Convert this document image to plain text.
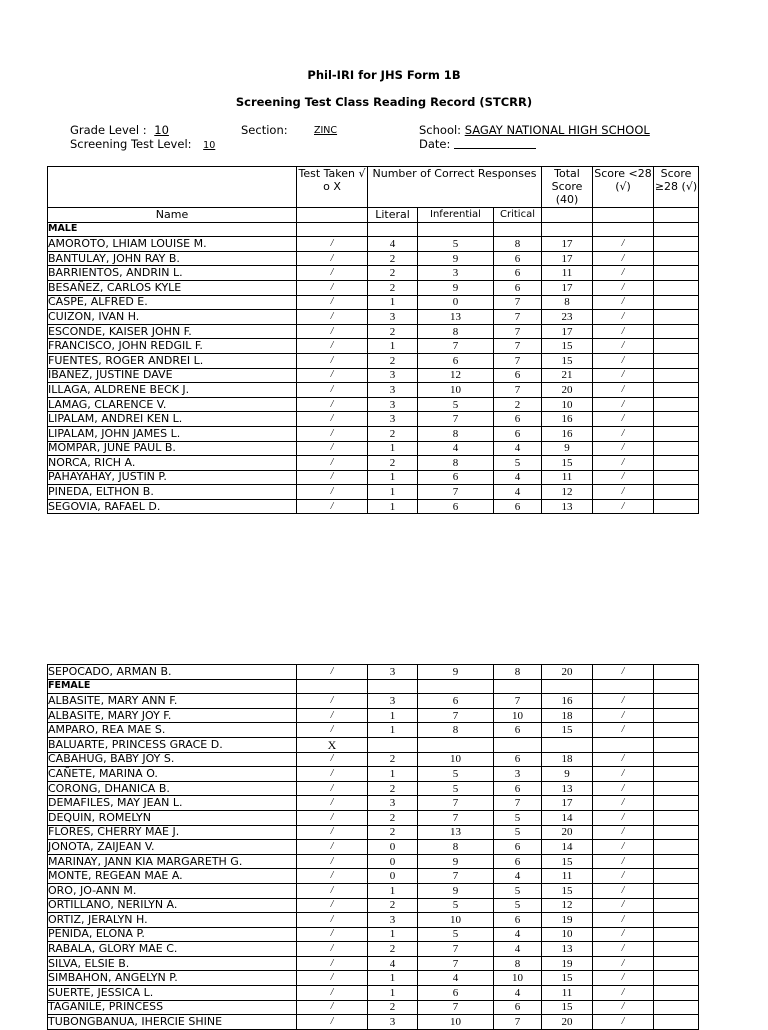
Phil-IRI for JHS Form 1B
Screening Test Class Reading Record (STCRR)
Grade Level : 10	Section:	ZINC	School: SAGAY NATIONAL HIGH SCHOOL
Screening Test Level: 10	Date:
	Test Taken √ o X	Number of Correct Responses			Total Score (40)	Score <28 (√)	Score ≥28 (√)
Name		Literal	Inferential	Critical			
MALE							
AMOROTO, LHIAM LOUISE M.	/	4	5	8	17	/	
BANTULAY, JOHN RAY B.	/	2	9	6	17	/	
BARRIENTOS, ANDRIN L.	/	2	3	6	11	/	
BESAÑEZ, CARLOS KYLE	/	2	9	6	17	/	
CASPE, ALFRED E.	/	1	0	7	8	/	
CUIZON, IVAN H.	/	3	13	7	23	/	
ESCONDE, KAISER JOHN F.	/	2	8	7	17	/	
FRANCISCO, JOHN REDGIL F.	/	1	7	7	15	/	
FUENTES, ROGER ANDREI L.	/	2	6	7	15	/	
IBAÑEZ, JUSTINE DAVE	/	3	12	6	21	/	
ILLAGA, ALDRENE BECK J.	/	3	10	7	20	/	
LAMAG, CLARENCE V.	/	3	5	2	10	/	
LIPALAM, ANDREI KEN L.	/	3	7	6	16	/	
LIPALAM, JOHN JAMES L.	/	2	8	6	16	/	
MOMPAR, JUNE PAUL B.	/	1	4	4	9	/	
NORCA, RICH A.	/	2	8	5	15	/	
PAHAYAHAY, JUSTIN P.	/	1	6	4	11	/	
PINEDA, ELTHON B.	/	1	7	4	12	/	
SEGOVIA, RAFAEL D.	/	1	6	6	13	/	
SEPOCADO, ARMAN B.	/	3	9	8	20	/	
FEMALE							
ALBASITE, MARY ANN F.	/	3	6	7	16	/	
ALBASITE, MARY JOY F.	/	1	7	10	18	/	
AMPARO, REA MAE S.	/	1	8	6	15	/	
BALUARTE, PRINCESS GRACE D.	X						
CABAHUG, BABY JOY S.	/	2	10	6	18	/	
CAÑETE, MARINA O.	/	1	5	3	9	/	
CORONG, DHANICA B.	/	2	5	6	13	/	
DEMAFILES, MAY JEAN L.	/	3	7	7	17	/	
DEQUIN, ROMELYN	/	2	7	5	14	/	
FLORES, CHERRY MAE J.	/	2	13	5	20	/	
JONOTA, ZAIJEAN V.	/	0	8	6	14	/	
MARINAY, JANN KIA MARGARETH G.	/	0	9	6	15	/	
MONTE, REGEAN MAE A.	/	0	7	4	11	/	
ORO, JO-ANN M.	/	1	9	5	15	/	
ORTILLANO, NERILYN A.	/	2	5	5	12	/	
ORTIZ, JERALYN H.	/	3	10	6	19	/	
PENIDA, ELONA P.	/	1	5	4	10	/	
RABALA, GLORY MAE C.	/	2	7	4	13	/	
SILVA, ELSIE B.	/	4	7	8	19	/	
SIMBAHON, ANGELYN P.	/	1	4	10	15	/	
SUERTE, JESSICA L.	/	1	6	4	11	/	
TAGANILE, PRINCESS	/	2	7	6	15	/	
TUBONGBANUA, IHERCIE SHINE	/	3	10	7	20	/	
